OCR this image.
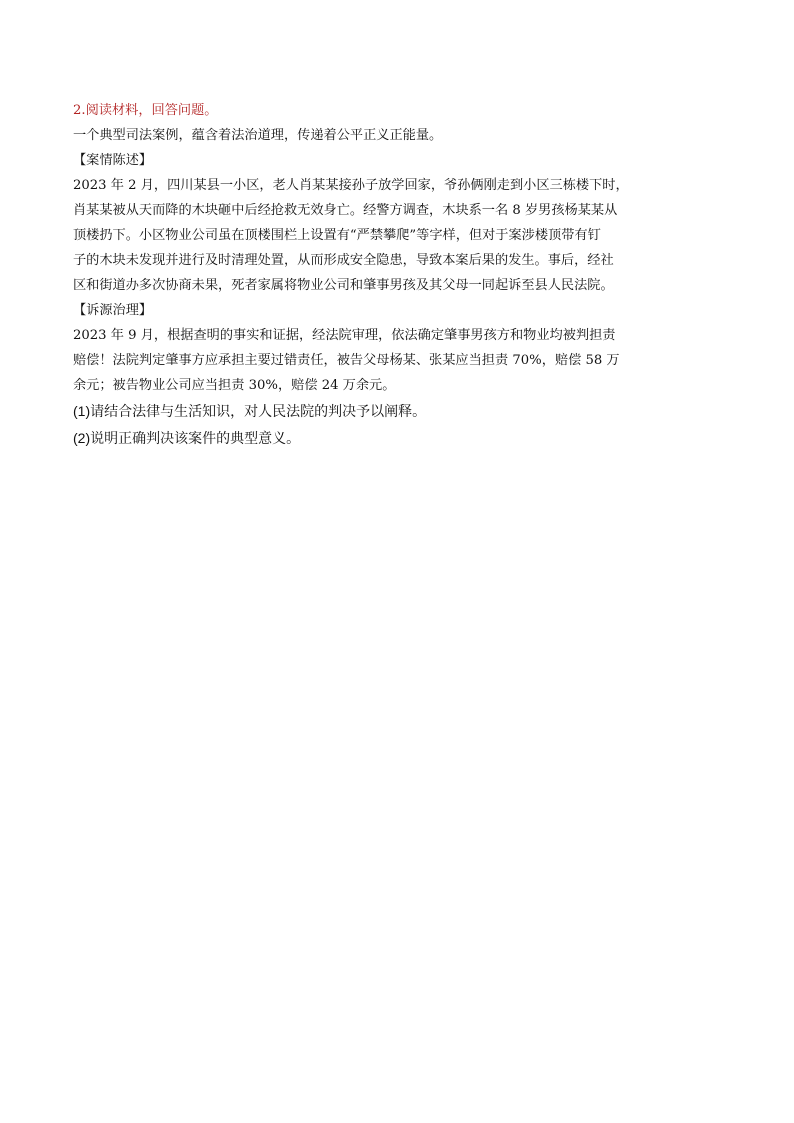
2.阅读材料，回答问题。

一个典型司法案例，蕴含着法治道理，传递着公平正义正能量。

【案情陈述】

2023 年 2 月，四川某县一小区，老人肖某某接孙子放学回家，爷孙俩刚走到小区三栋楼下时，

肖某某被从天而降的木块砸中后经抢救无效身亡。经警方调查，木块系一名 8 岁男孩杨某某从

顶楼扔下。小区物业公司虽在顶楼围栏上设置有“严禁攀爬”等字样，但对于案涉楼顶带有钉

子的木块未发现并进行及时清理处置，从而形成安全隐患，导致本案后果的发生。事后，经社

区和街道办多次协商未果，死者家属将物业公司和肇事男孩及其父母一同起诉至县人民法院。

【诉源治理】

2023 年 9 月，根据查明的事实和证据，经法院审理，依法确定肇事男孩方和物业均被判担责

赔偿！法院判定肇事方应承担主要过错责任，被告父母杨某、张某应当担责 70%，赔偿 58 万

余元；被告物业公司应当担责 30%，赔偿 24 万余元。

(1)请结合法律与生活知识，对人民法院的判决予以阐释。

(2)说明正确判决该案件的典型意义。
